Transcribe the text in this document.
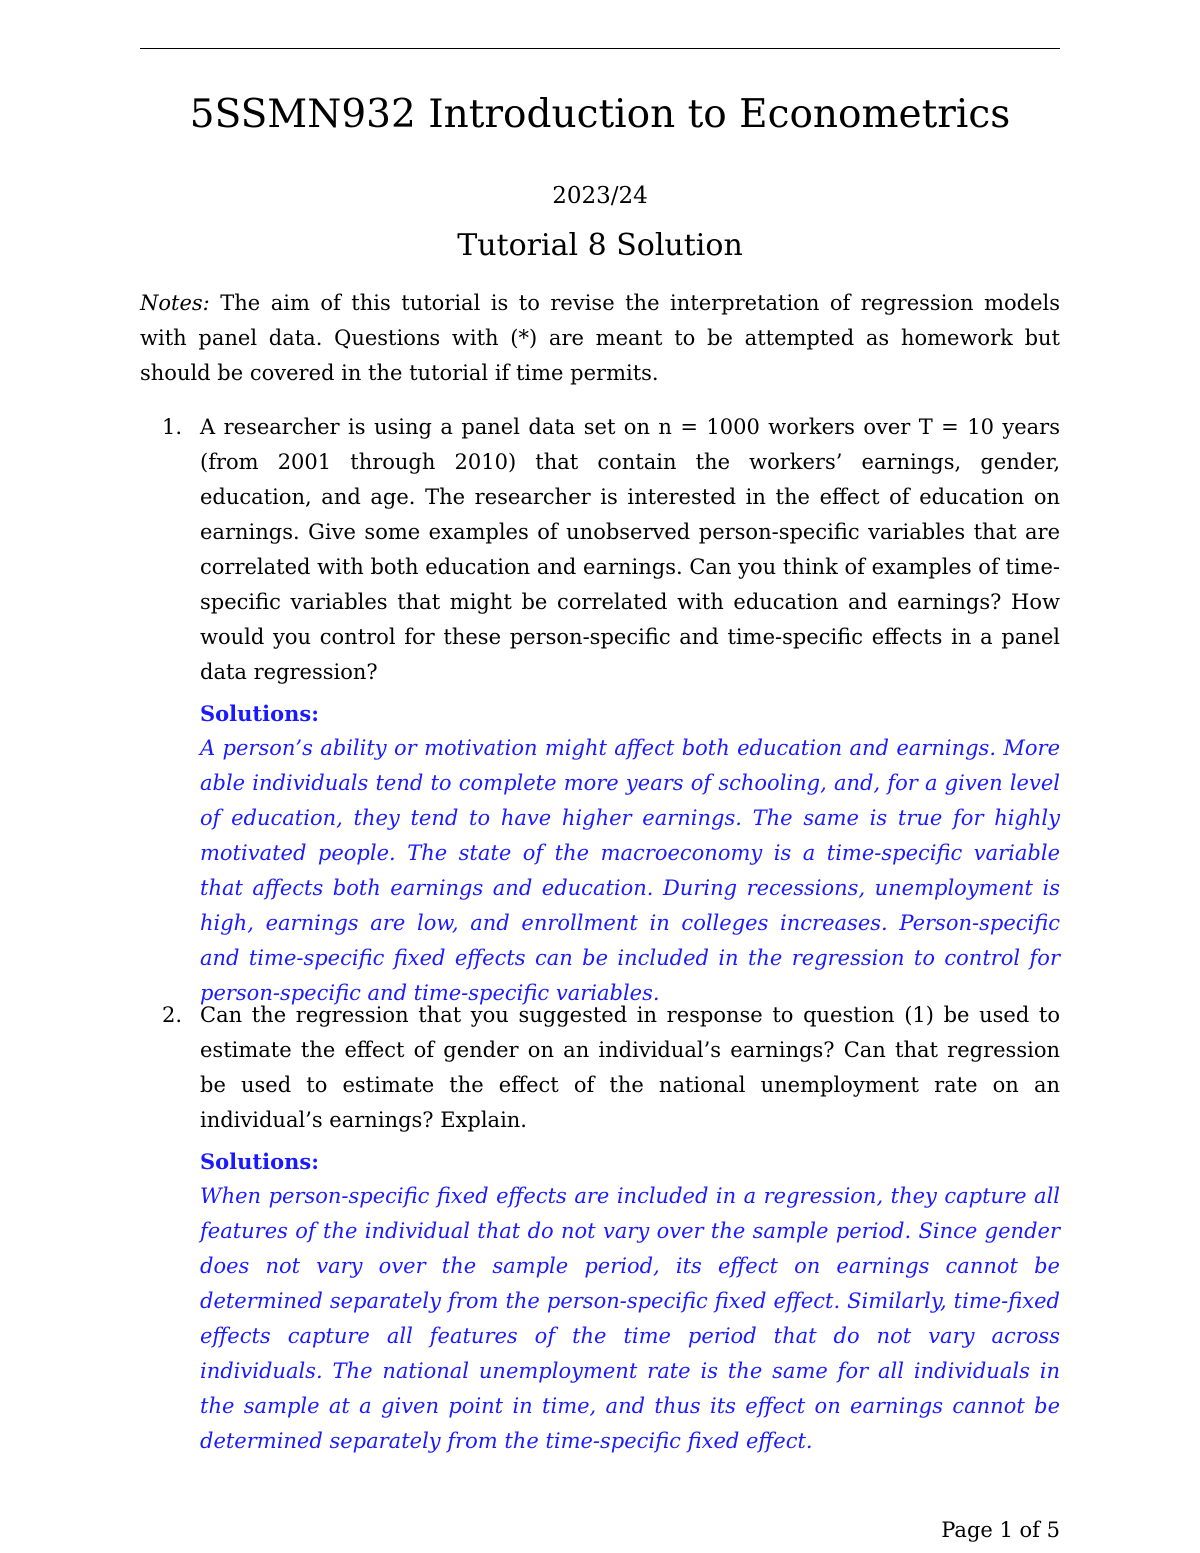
5SSMN932 Introduction to Econometrics
2023/24
Tutorial 8 Solution

Notes: The aim of this tutorial is to revise the interpretation of regression models with panel data. Questions with (*) are meant to be attempted as homework but should be covered in the tutorial if time permits.

1. A researcher is using a panel data set on n = 1000 workers over T = 10 years (from 2001 through 2010) that contain the workers’ earnings, gender, education, and age. The researcher is interested in the effect of education on earnings. Give some examples of unobserved person-specific variables that are correlated with both education and earnings. Can you think of examples of time-specific variables that might be correlated with education and earnings? How would you control for these person-specific and time-specific effects in a panel data regression?
Solutions:
A person’s ability or motivation might affect both education and earnings. More able individuals tend to complete more years of schooling, and, for a given level of education, they tend to have higher earnings. The same is true for highly motivated people. The state of the macroeconomy is a time-specific variable that affects both earnings and education. During recessions, unemployment is high, earnings are low, and enrollment in colleges increases. Person-specific and time-specific fixed effects can be included in the regression to control for person-specific and time-specific variables.
2. Can the regression that you suggested in response to question (1) be used to estimate the effect of gender on an individual’s earnings? Can that regression be used to estimate the effect of the national unemployment rate on an individual’s earnings? Explain.
Solutions:
When person-specific fixed effects are included in a regression, they capture all features of the individual that do not vary over the sample period. Since gender does not vary over the sample period, its effect on earnings cannot be determined separately from the person-specific fixed effect. Similarly, time-fixed effects capture all features of the time period that do not vary across individuals. The national unemployment rate is the same for all individuals in the sample at a given point in time, and thus its effect on earnings cannot be determined separately from the time-specific fixed effect.
Page 1 of 5
